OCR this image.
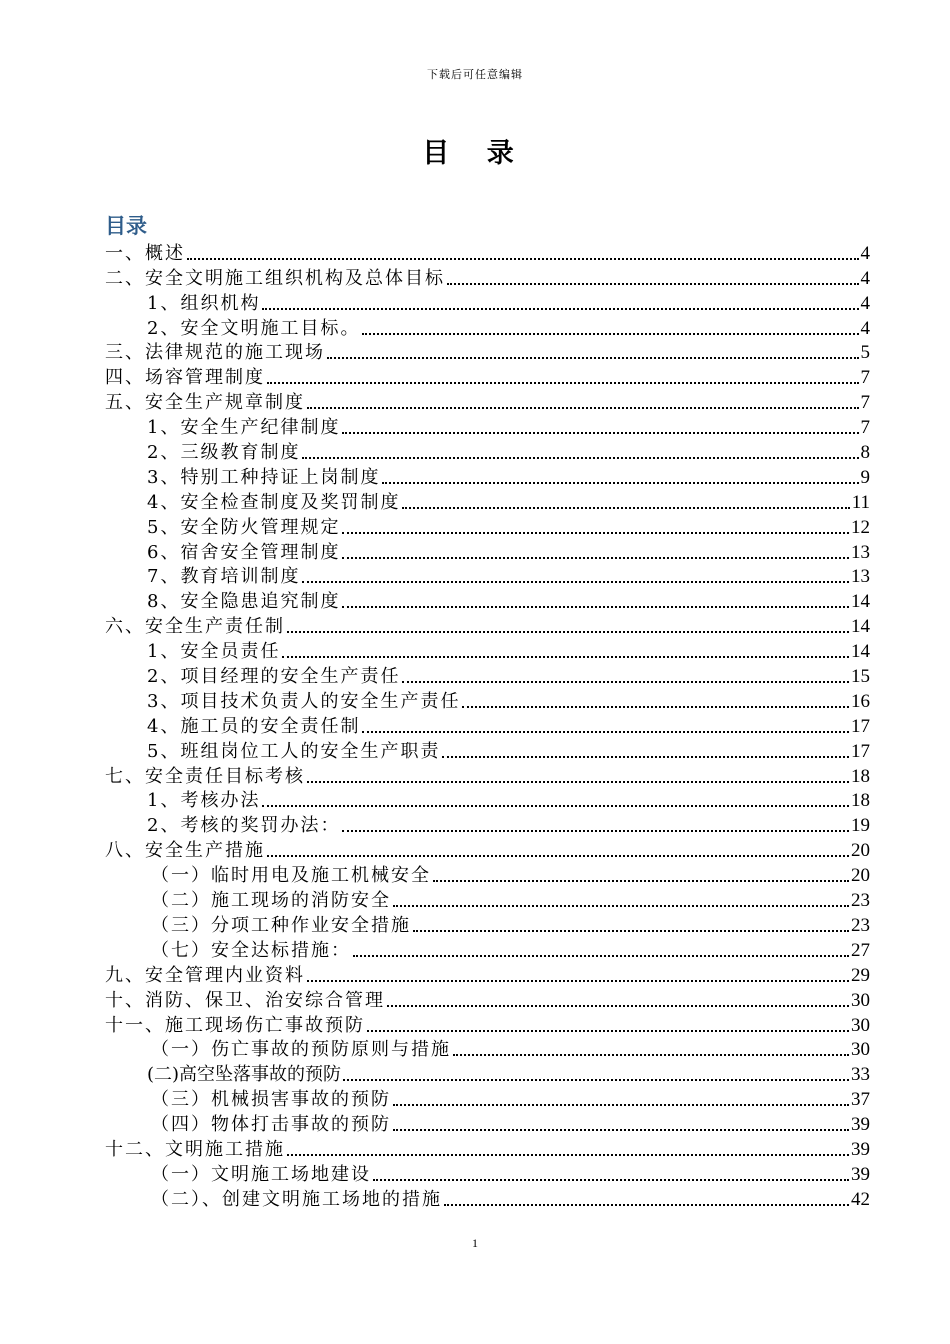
下载后可任意编辑
目 录
目录
一、概述	4
二、安全文明施工组织机构及总体目标	4
1、组织机构	4
2、安全文明施工目标。	4
三、法律规范的施工现场	5
四、场容管理制度	7
五、安全生产规章制度	7
1、安全生产纪律制度	7
2、三级教育制度	8
3、特别工种持证上岗制度	9
4、安全检查制度及奖罚制度	11
5、安全防火管理规定	12
6、宿舍安全管理制度	13
7、教育培训制度	13
8、安全隐患追究制度	14
六、安全生产责任制	14
1、安全员责任	14
2、项目经理的安全生产责任	15
3、项目技术负责人的安全生产责任	16
4、施工员的安全责任制	17
5、班组岗位工人的安全生产职责	17
七、安全责任目标考核	18
1、考核办法	18
2、考核的奖罚办法：	19
八、安全生产措施	20
（一）临时用电及施工机械安全	20
（二）施工现场的消防安全	23
（三）分项工种作业安全措施	23
（七）安全达标措施：	27
九、安全管理内业资料	29
十、消防、保卫、治安综合管理	30
十一、施工现场伤亡事故预防	30
（一）伤亡事故的预防原则与措施	30
(二)高空坠落事故的预防	33
（三）机械损害事故的预防	37
（四）物体打击事故的预防	39
十二、文明施工措施	39
（一）文明施工场地建设	39
（二）、创建文明施工场地的措施	42
1
